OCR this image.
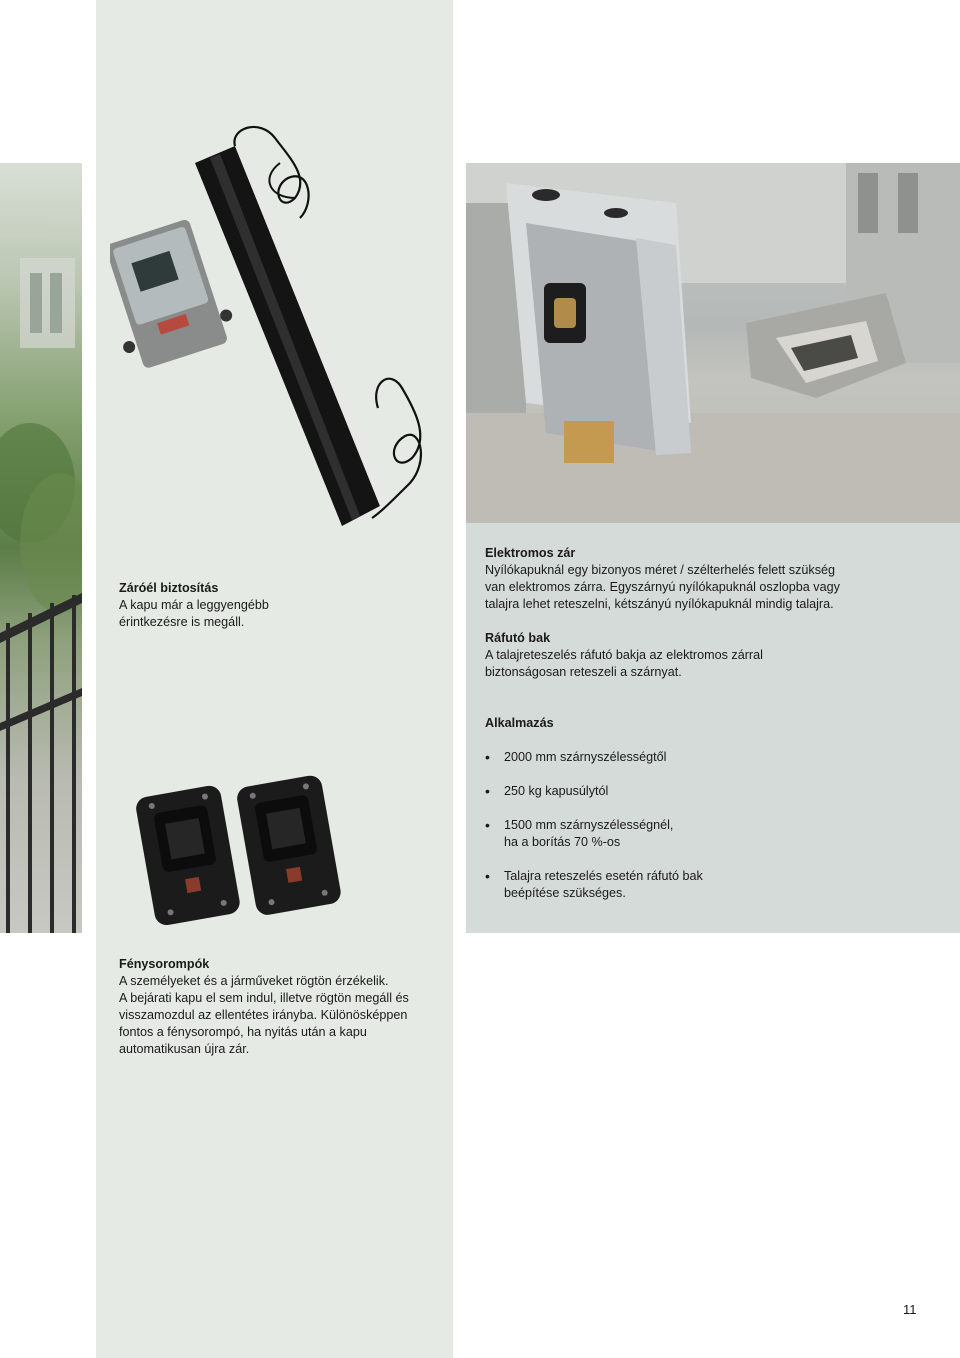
Záróél biztosítás
A kapu már a leggyengébb
érintkezésre is megáll.
Elektromos zár
Nyílókapuknál egy bizonyos méret / szélterhelés felett szükség
van elektromos zárra. Egyszárnyú nyílókapuknál oszlopba vagy
talajra lehet reteszelni, kétszányú nyílókapuknál mindig talajra.
Ráfutó bak
A talajreteszelés ráfutó bakja az elektromos zárral
biztonságosan reteszeli a szárnyat.
Alkalmazás
• 2000 mm szárnyszélességtől
• 250 kg kapusúlytól
• 1500 mm szárnyszélességnél,
ha a borítás 70 %-os
• Talajra reteszelés esetén ráfutó bak
beépítése szükséges.
Fénysorompók
A személyeket és a járműveket rögtön érzékelik.
A bejárati kapu el sem indul, illetve rögtön megáll és
visszamozdul az ellentétes irányba. Különösképpen
fontos a fénysorompó, ha nyitás után a kapu
automatikusan újra zár.
11
